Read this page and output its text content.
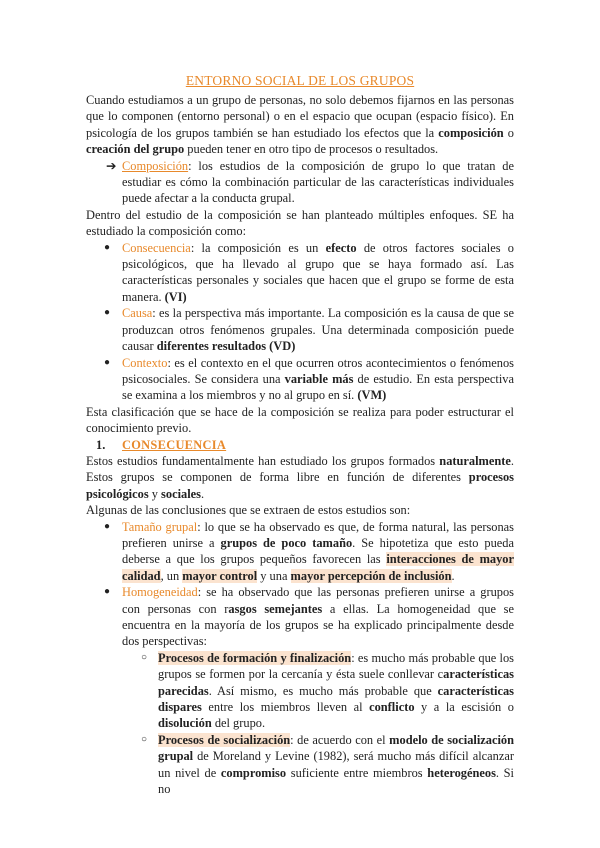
ENTORNO SOCIAL DE LOS GRUPOS

Cuando estudiamos a un grupo de personas, no solo debemos fijarnos en las personas que lo componen (entorno personal) o en el espacio que ocupan (espacio físico). En psicología de los grupos también se han estudiado los efectos que la composición o creación del grupo pueden tener en otro tipo de procesos o resultados.

➔ Composición: los estudios de la composición de grupo lo que tratan de estudiar es cómo la combinación particular de las características individuales puede afectar a la conducta grupal.

Dentro del estudio de la composición se han planteado múltiples enfoques. SE ha estudiado la composición como:

● Consecuencia: la composición es un efecto de otros factores sociales o psicológicos, que ha llevado al grupo que se haya formado así. Las características personales y sociales que hacen que el grupo se forme de esta manera. (VI)

● Causa: es la perspectiva más importante. La composición es la causa de que se produzcan otros fenómenos grupales. Una determinada composición puede causar diferentes resultados (VD)

● Contexto: es el contexto en el que ocurren otros acontecimientos o fenómenos psicosociales. Se considera una variable más de estudio. En esta perspectiva se examina a los miembros y no al grupo en sí. (VM)

Esta clasificación que se hace de la composición se realiza para poder estructurar el conocimiento previo.

1. CONSECUENCIA

Estos estudios fundamentalmente han estudiado los grupos formados naturalmente. Estos grupos se componen de forma libre en función de diferentes procesos psicológicos y sociales.

Algunas de las conclusiones que se extraen de estos estudios son:

● Tamaño grupal: lo que se ha observado es que, de forma natural, las personas prefieren unirse a grupos de poco tamaño. Se hipotetiza que esto pueda deberse a que los grupos pequeños favorecen las interacciones de mayor calidad, un mayor control y una mayor percepción de inclusión.

● Homogeneidad: se ha observado que las personas prefieren unirse a grupos con personas con rasgos semejantes a ellas. La homogeneidad que se encuentra en la mayoría de los grupos se ha explicado principalmente desde dos perspectivas:

○ Procesos de formación y finalización: es mucho más probable que los grupos se formen por la cercanía y ésta suele conllevar características parecidas. Así mismo, es mucho más probable que características dispares entre los miembros lleven al conflicto y a la escisión o disolución del grupo.

○ Procesos de socialización: de acuerdo con el modelo de socialización grupal de Moreland y Levine (1982), será mucho más difícil alcanzar un nivel de compromiso suficiente entre miembros heterogéneos. Si no
